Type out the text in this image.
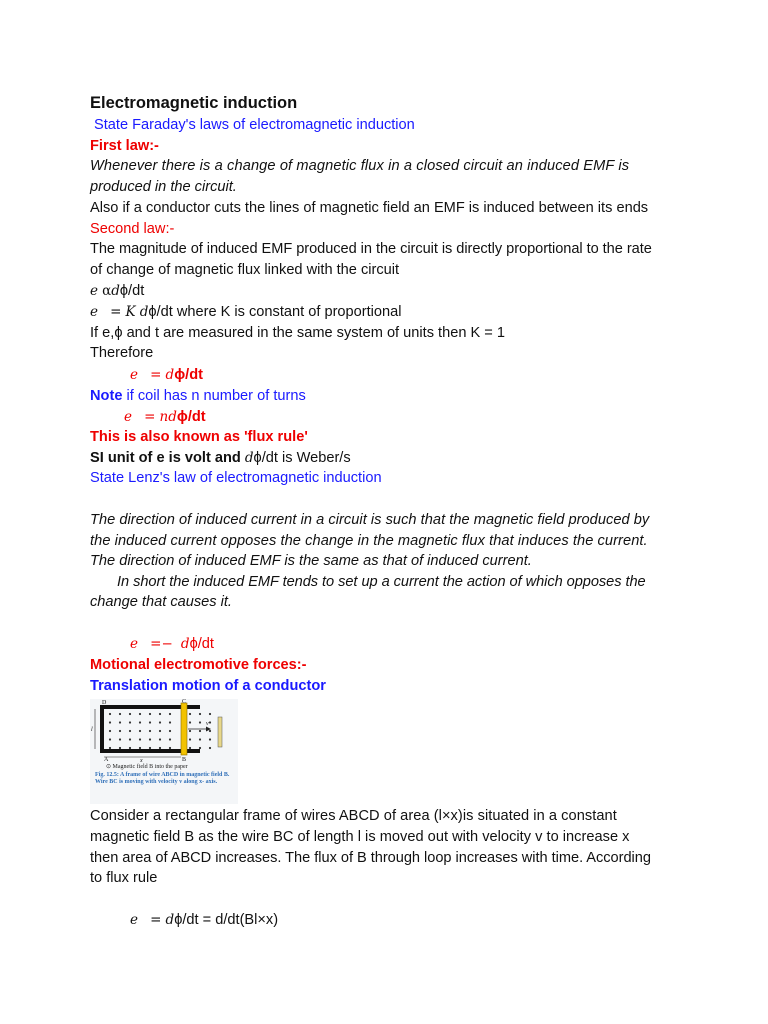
Electromagnetic induction
State Faraday's laws of electromagnetic induction
First law:-
Whenever there is a change of magnetic flux in a closed circuit an induced EMF is
produced in the circuit.
Also if a conductor cuts the lines of magnetic field an EMF is induced between its ends
Second law:-
The magnitude of induced EMF produced in the circuit is directly proportional to the rate
of change of magnetic flux linked with the circuit
e αdϕ/dt
e = K dϕ/dt where K is constant of proportional
If e,ϕ and t are measured in the same system of units then K = 1
Therefore
e = dϕ/dt
Note if coil has n number of turns
e = ndϕ/dt
This is also known as 'flux rule'
SI unit of e is volt and dϕ/dt is Weber/s
State Lenz's law of electromagnetic induction
The direction of induced current in a circuit is such that the magnetic field produced by
the induced current opposes the change in the magnetic flux that induces the current.
The direction of induced EMF is the same as that of induced current.
In short the induced EMF tends to set up a current the action of which opposes the
change that causes it.
e =− dϕ/dt
Motional electromotive forces:-
Translation motion of a conductor
Consider a rectangular frame of wires ABCD of area (l×x)is situated in a constant
magnetic field B as the wire BC of length l is moved out with velocity v to increase x
then area of ABCD increases. The flux of B through loop increases with time. According
to flux rule
e = dϕ/dt = d/dt(Bl×x)
D	C
A	B
l
x
v
⊙ Magnetic field B into the paper
Fig. 12.5: A frame of wire ABCD in magnetic field B. Wire BC is moving with velocity v along x- axis.
